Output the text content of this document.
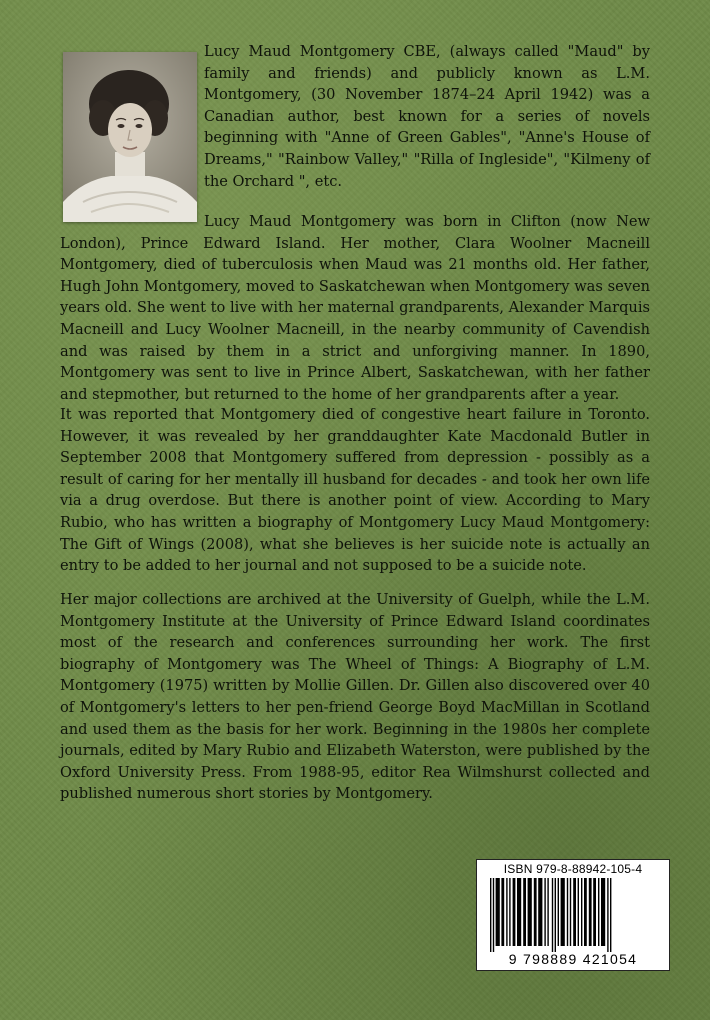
Lucy Maud Montgomery CBE, (always called "Maud" by family and friends) and publicly known as L.M. Montgomery, (30 November 1874–24 April 1942) was a Canadian author, best known for a series of novels beginning with "Anne of Green Gables", "Anne's House of Dreams," "Rainbow Valley," "Rilla of Ingleside", "Kilmeny of the Orchard ", etc.
Lucy Maud Montgomery was born in Clifton (now New London), Prince Edward Island. Her mother, Clara Woolner Macneill Montgomery, died of tuberculosis when Maud was 21 months old. Her father, Hugh John Montgomery, moved to Saskatchewan when Montgomery was seven years old. She went to live with her maternal grandparents, Alexander Marquis Macneill and Lucy Woolner Macneill, in the nearby community of Cavendish and was raised by them in a strict and unforgiving manner. In 1890, Montgomery was sent to live in Prince Albert, Saskatchewan, with her father and stepmother, but returned to the home of her grandparents after a year.
It was reported that Montgomery died of congestive heart failure in Toronto. However, it was revealed by her granddaughter Kate Macdonald Butler in September 2008 that Montgomery suffered from depression - possibly as a result of caring for her mentally ill husband for decades - and took her own life via a drug overdose. But there is another point of view. According to Mary Rubio, who has written a biography of Montgomery Lucy Maud Montgomery: The Gift of Wings (2008), what she believes is her suicide note is actually an entry to be added to her journal and not supposed to be a suicide note.
Her major collections are archived at the University of Guelph, while the L.M. Montgomery Institute at the University of Prince Edward Island coordinates most of the research and conferences surrounding her work. The first biography of Montgomery was The Wheel of Things: A Biography of L.M. Montgomery (1975) written by Mollie Gillen. Dr. Gillen also discovered over 40 of Montgomery's letters to her pen-friend George Boyd MacMillan in Scotland and used them as the basis for her work. Beginning in the 1980s her complete journals, edited by Mary Rubio and Elizabeth Waterston, were published by the Oxford University Press. From 1988-95, editor Rea Wilmshurst collected and published numerous short stories by Montgomery.
ISBN 979-8-88942-105-4
9 798889 421054
